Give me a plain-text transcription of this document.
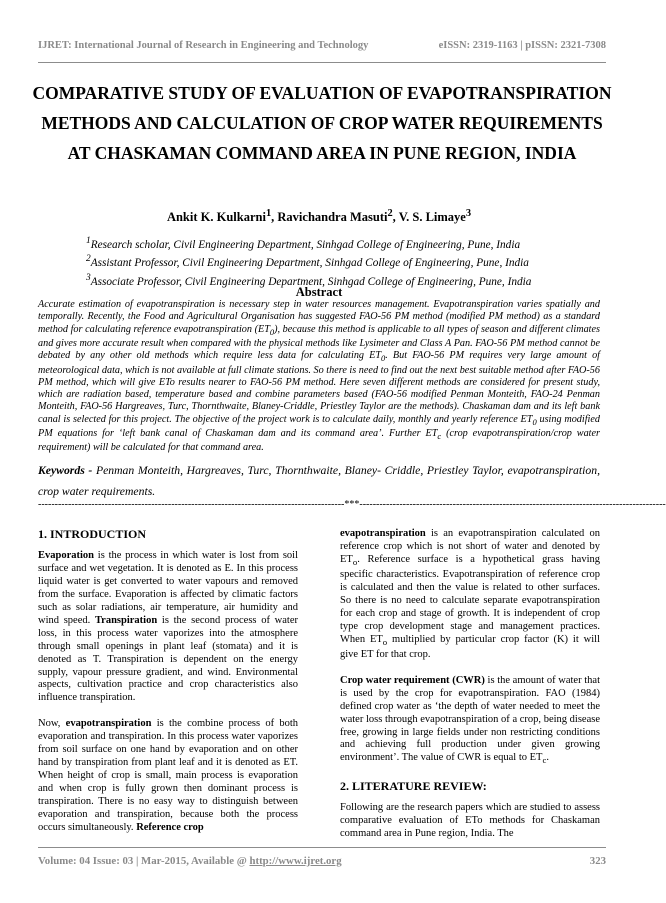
IJRET: International Journal of Research in Engineering and Technology	eISSN: 2319-1163 | pISSN: 2321-7308
COMPARATIVE STUDY OF EVALUATION OF EVAPOTRANSPIRATION METHODS AND CALCULATION OF CROP WATER REQUIREMENTS AT CHASKAMAN COMMAND AREA IN PUNE REGION, INDIA
Ankit K. Kulkarni$^1$, Ravichandra Masuti$^2$, V. S. Limaye$^3$
$^1$Research scholar, Civil Engineering Department, Sinhgad College of Engineering, Pune, India
$^2$Assistant Professor, Civil Engineering Department, Sinhgad College of Engineering, Pune, India
$^3$Associate Professor, Civil Engineering Department, Sinhgad College of Engineering, Pune, India
Abstract
Accurate estimation of evapotranspiration is necessary step in water resources management. Evapotranspiration varies spatially and temporally. Recently, the Food and Agricultural Organisation has suggested FAO-56 PM method (modified PM method) as a standard method for calculating reference evapotranspiration $(ET_0)$, because this method is applicable to all types of season and different climates and gives more accurate result when compared with the physical methods like Lysimeter and Class A Pan. FAO-56 PM method cannot be debated by any other old methods which require less data for calculating $ET_0$. But FAO-56 PM requires very large amount of meteorological data, which is not available at full climate stations. So there is need to find out the next best suitable method after FAO-56 PM method, which will give ETo results nearer to FAO-56 PM method. Here seven different methods are considered for present study, which are radiation based, temperature based and combine parameters based (FAO-56 modified Penman Monteith, FAO-24 Penman Monteith, FAO-56 Hargreaves, Turc, Thornthwaite, Blaney-Criddle, Priestley Taylor are the methods). Chaskaman dam and its left bank canal is selected for this project. The objective of the project work is to calculate daily, monthly and yearly reference $ET_0$ using modified PM equations for ‘left bank canal of Chaskaman dam and its command area’. Further $ET_c$ (crop evapotranspiration/crop water requirement) will be calculated for that command area.
Keywords - Penman Monteith, Hargreaves, Turc, Thornthwaite, Blaney- Criddle, Priestley Taylor, evapotranspiration, crop water requirements.
--------------------------------------------------------------------------------------------***--------------------------------------------------------------------------------------------
1. INTRODUCTION

Evaporation is the process in which water is lost from soil surface and wet vegetation. It is denoted as E. In this process liquid water is get converted to water vapours and removed from the surface. Evaporation is affected by climatic factors such as solar radiations, air temperature, air humidity and wind speed. Transpiration is the second process of water loss, in this process water vaporizes into the atmosphere through small openings in plant leaf (stomata) and it is denoted as T. Transpiration is dependent on the energy supply, vapour pressure gradient, and wind. Environmental aspects, cultivation practice and crop characteristics also influence transpiration.

Now, evapotranspiration is the combine process of both evaporation and transpiration. In this process water vaporizes from soil surface on one hand by evaporation and on other hand by transpiration from plant leaf and it is denoted as ET. When height of crop is small, main process is evaporation and when crop is fully grown then dominant process is transpiration. There is no easy way to distinguish between evaporation and transpiration, because both the process occurs simultaneously. Reference crop

evapotranspiration is an evapotranspiration calculated on reference crop which is not short of water and denoted by $ET_o$. Reference surface is a hypothetical grass having specific characteristics. Evapotranspiration of reference crop is calculated and then the value is related to other surfaces. So there is no need to calculate separate evapotranspiration for each crop and stage of growth. It is independent of crop type crop development stage and management practices. When $ET_o$ multiplied by particular crop factor (K) it will give ET for that crop.

Crop water requirement (CWR) is the amount of water that is used by the crop for evapotranspiration. FAO (1984) defined crop water as ‘the depth of water needed to meet the water loss through evapotranspiration of a crop, being disease free, growing in large fields under non restricting conditions and achieving full production under given growing environment’. The value of CWR is equal to $ET_c$.

2. LITERATURE REVIEW:

Following are the research papers which are studied to assess comparative evaluation of ETo methods for Chaskaman command area in Pune region, India. The

Volume: 04 Issue: 03 | Mar-2015, Available @ http://www.ijret.org	323
